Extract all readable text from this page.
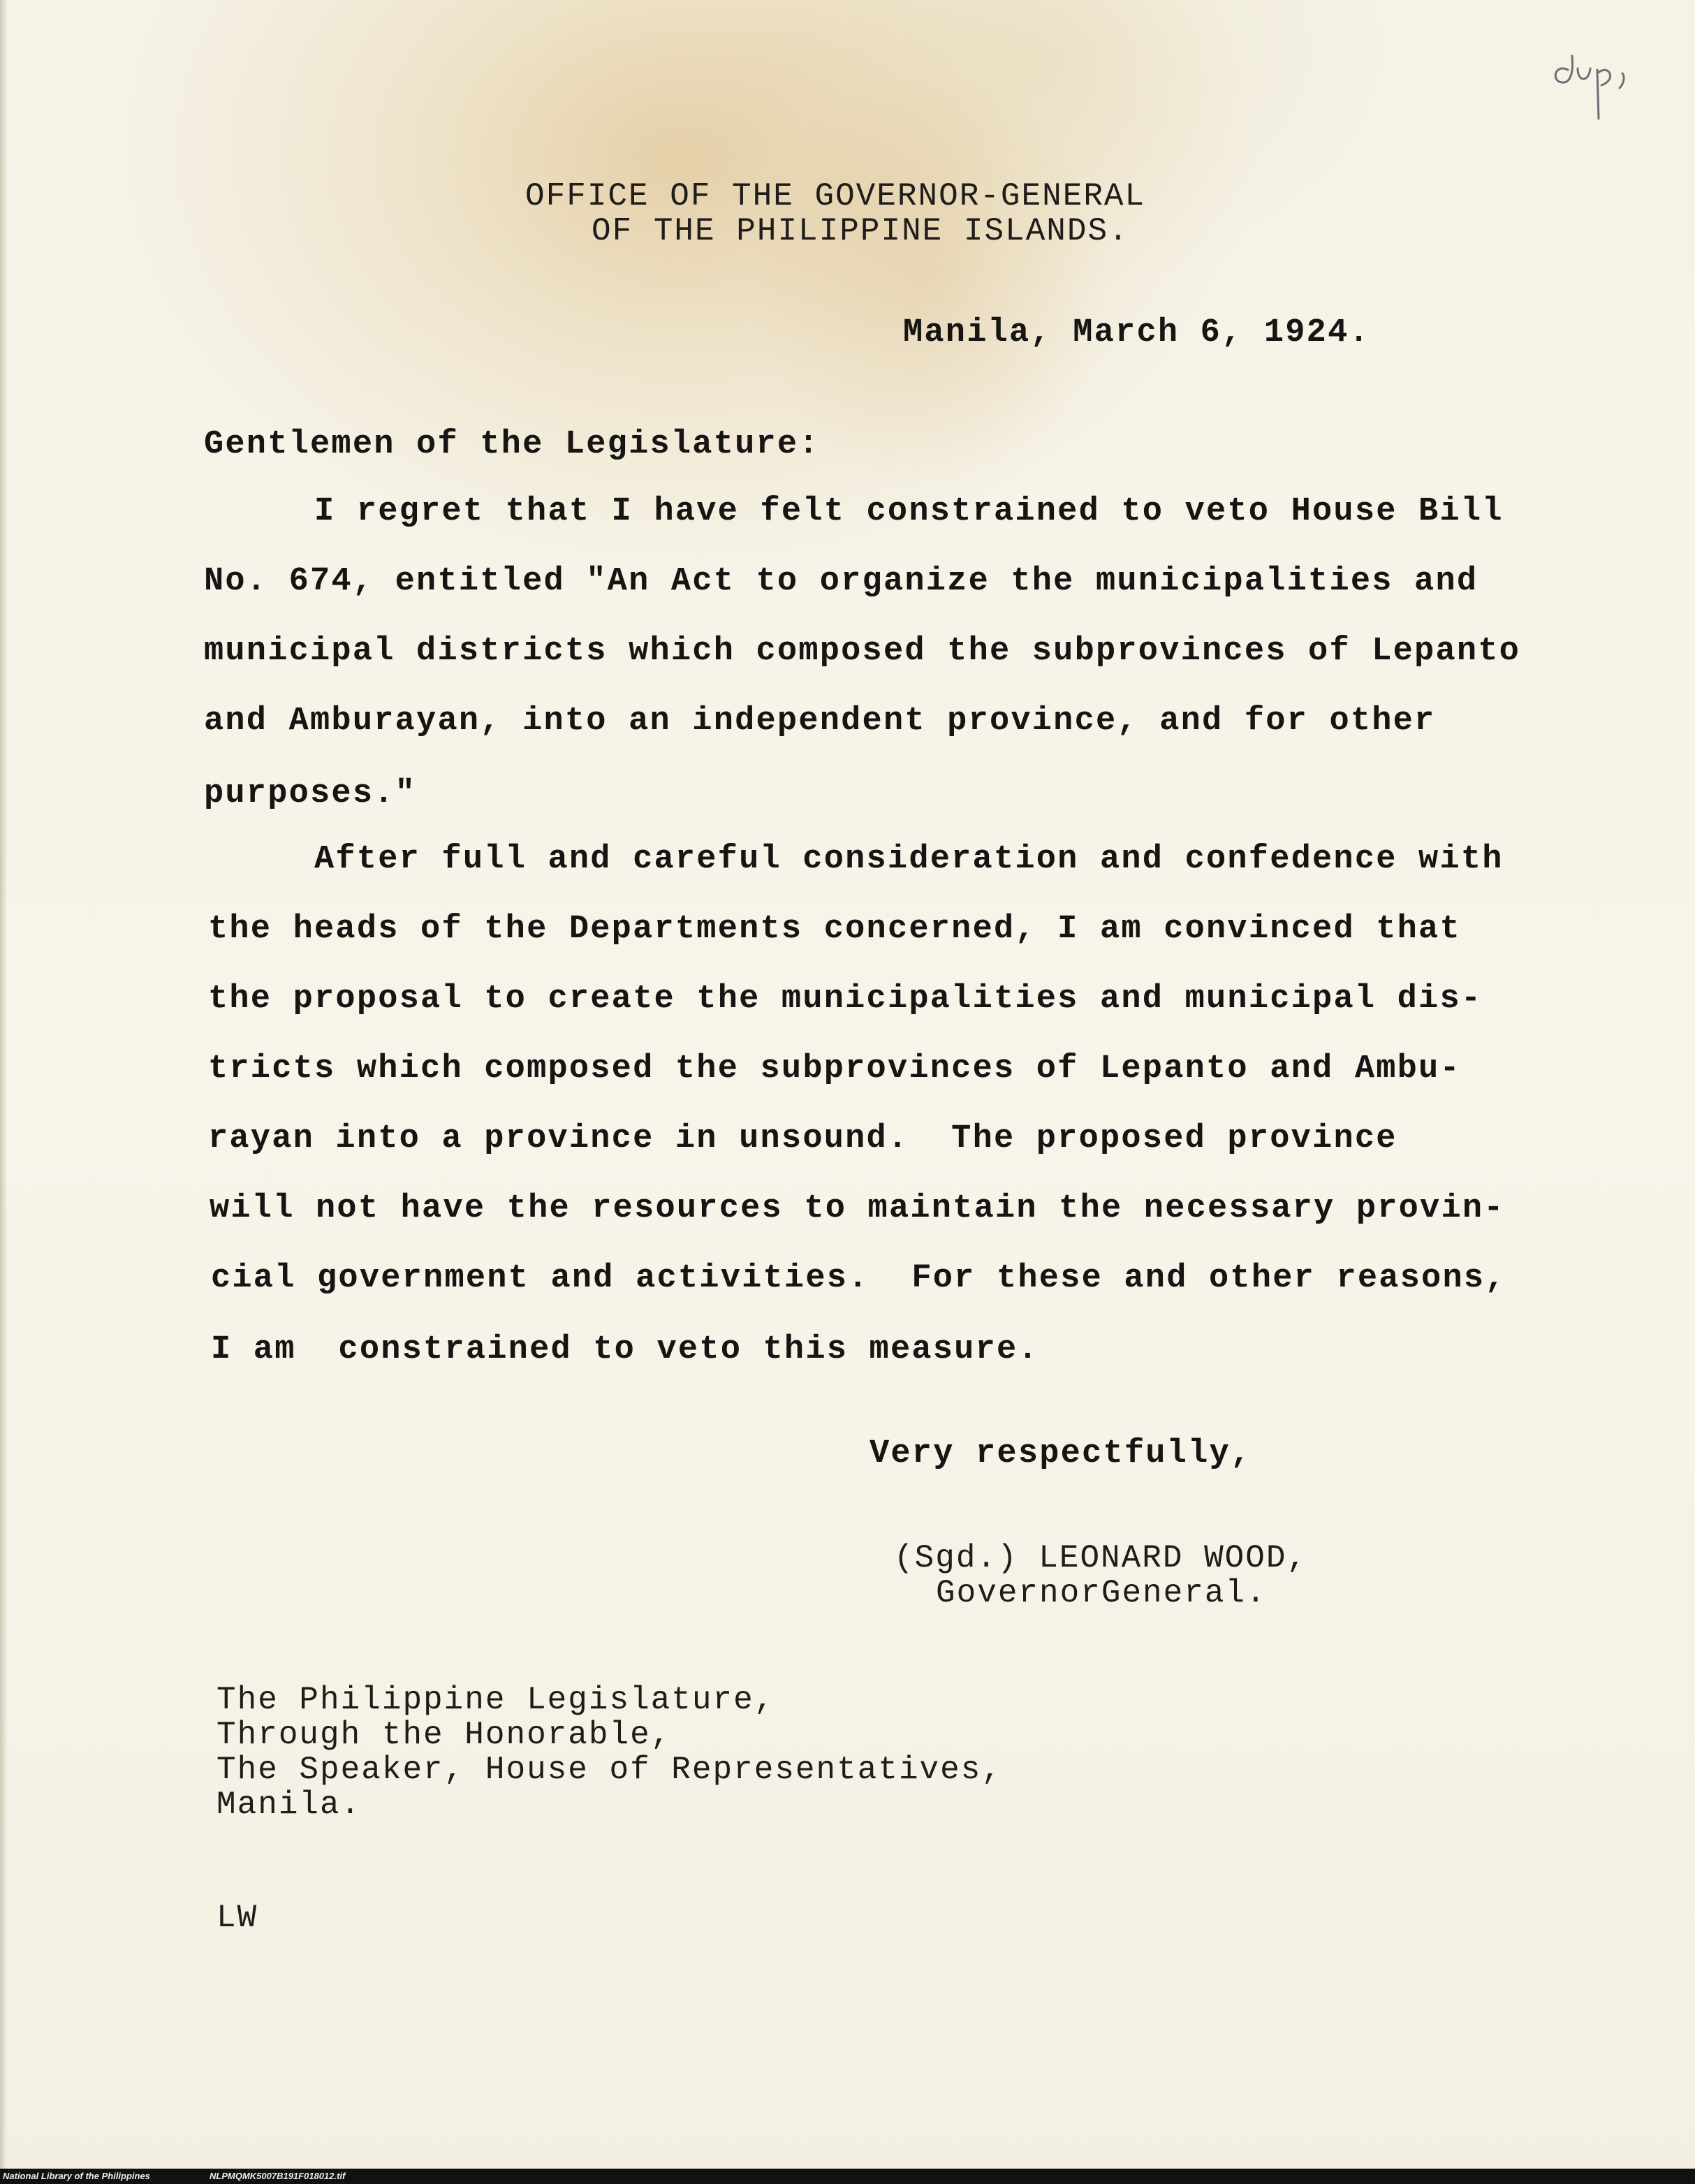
OFFICE OF THE GOVERNOR-GENERAL
OF THE PHILIPPINE ISLANDS.
Manila, March 6, 1924.
Gentlemen of the Legislature:
I regret that I have felt constrained to veto House Bill
No. 674, entitled "An Act to organize the municipalities and
municipal districts which composed the subprovinces of Lepanto
and Amburayan, into an independent province, and for other
purposes."
After full and careful consideration and confedence with
the heads of the Departments concerned, I am convinced that
the proposal to create the municipalities and municipal dis-
tricts which composed the subprovinces of Lepanto and Ambu-
rayan into a province in unsound.  The proposed province
will not have the resources to maintain the necessary provin-
cial government and activities.  For these and other reasons,
I am  constrained to veto this measure.
Very respectfully,
(Sgd.) LEONARD WOOD,
GovernorGeneral.
The Philippine Legislature,
Through the Honorable,
The Speaker, House of Representatives,
Manila.
LW
National Library of the Philippines	NLPMQMK5007B191F018012.tif
